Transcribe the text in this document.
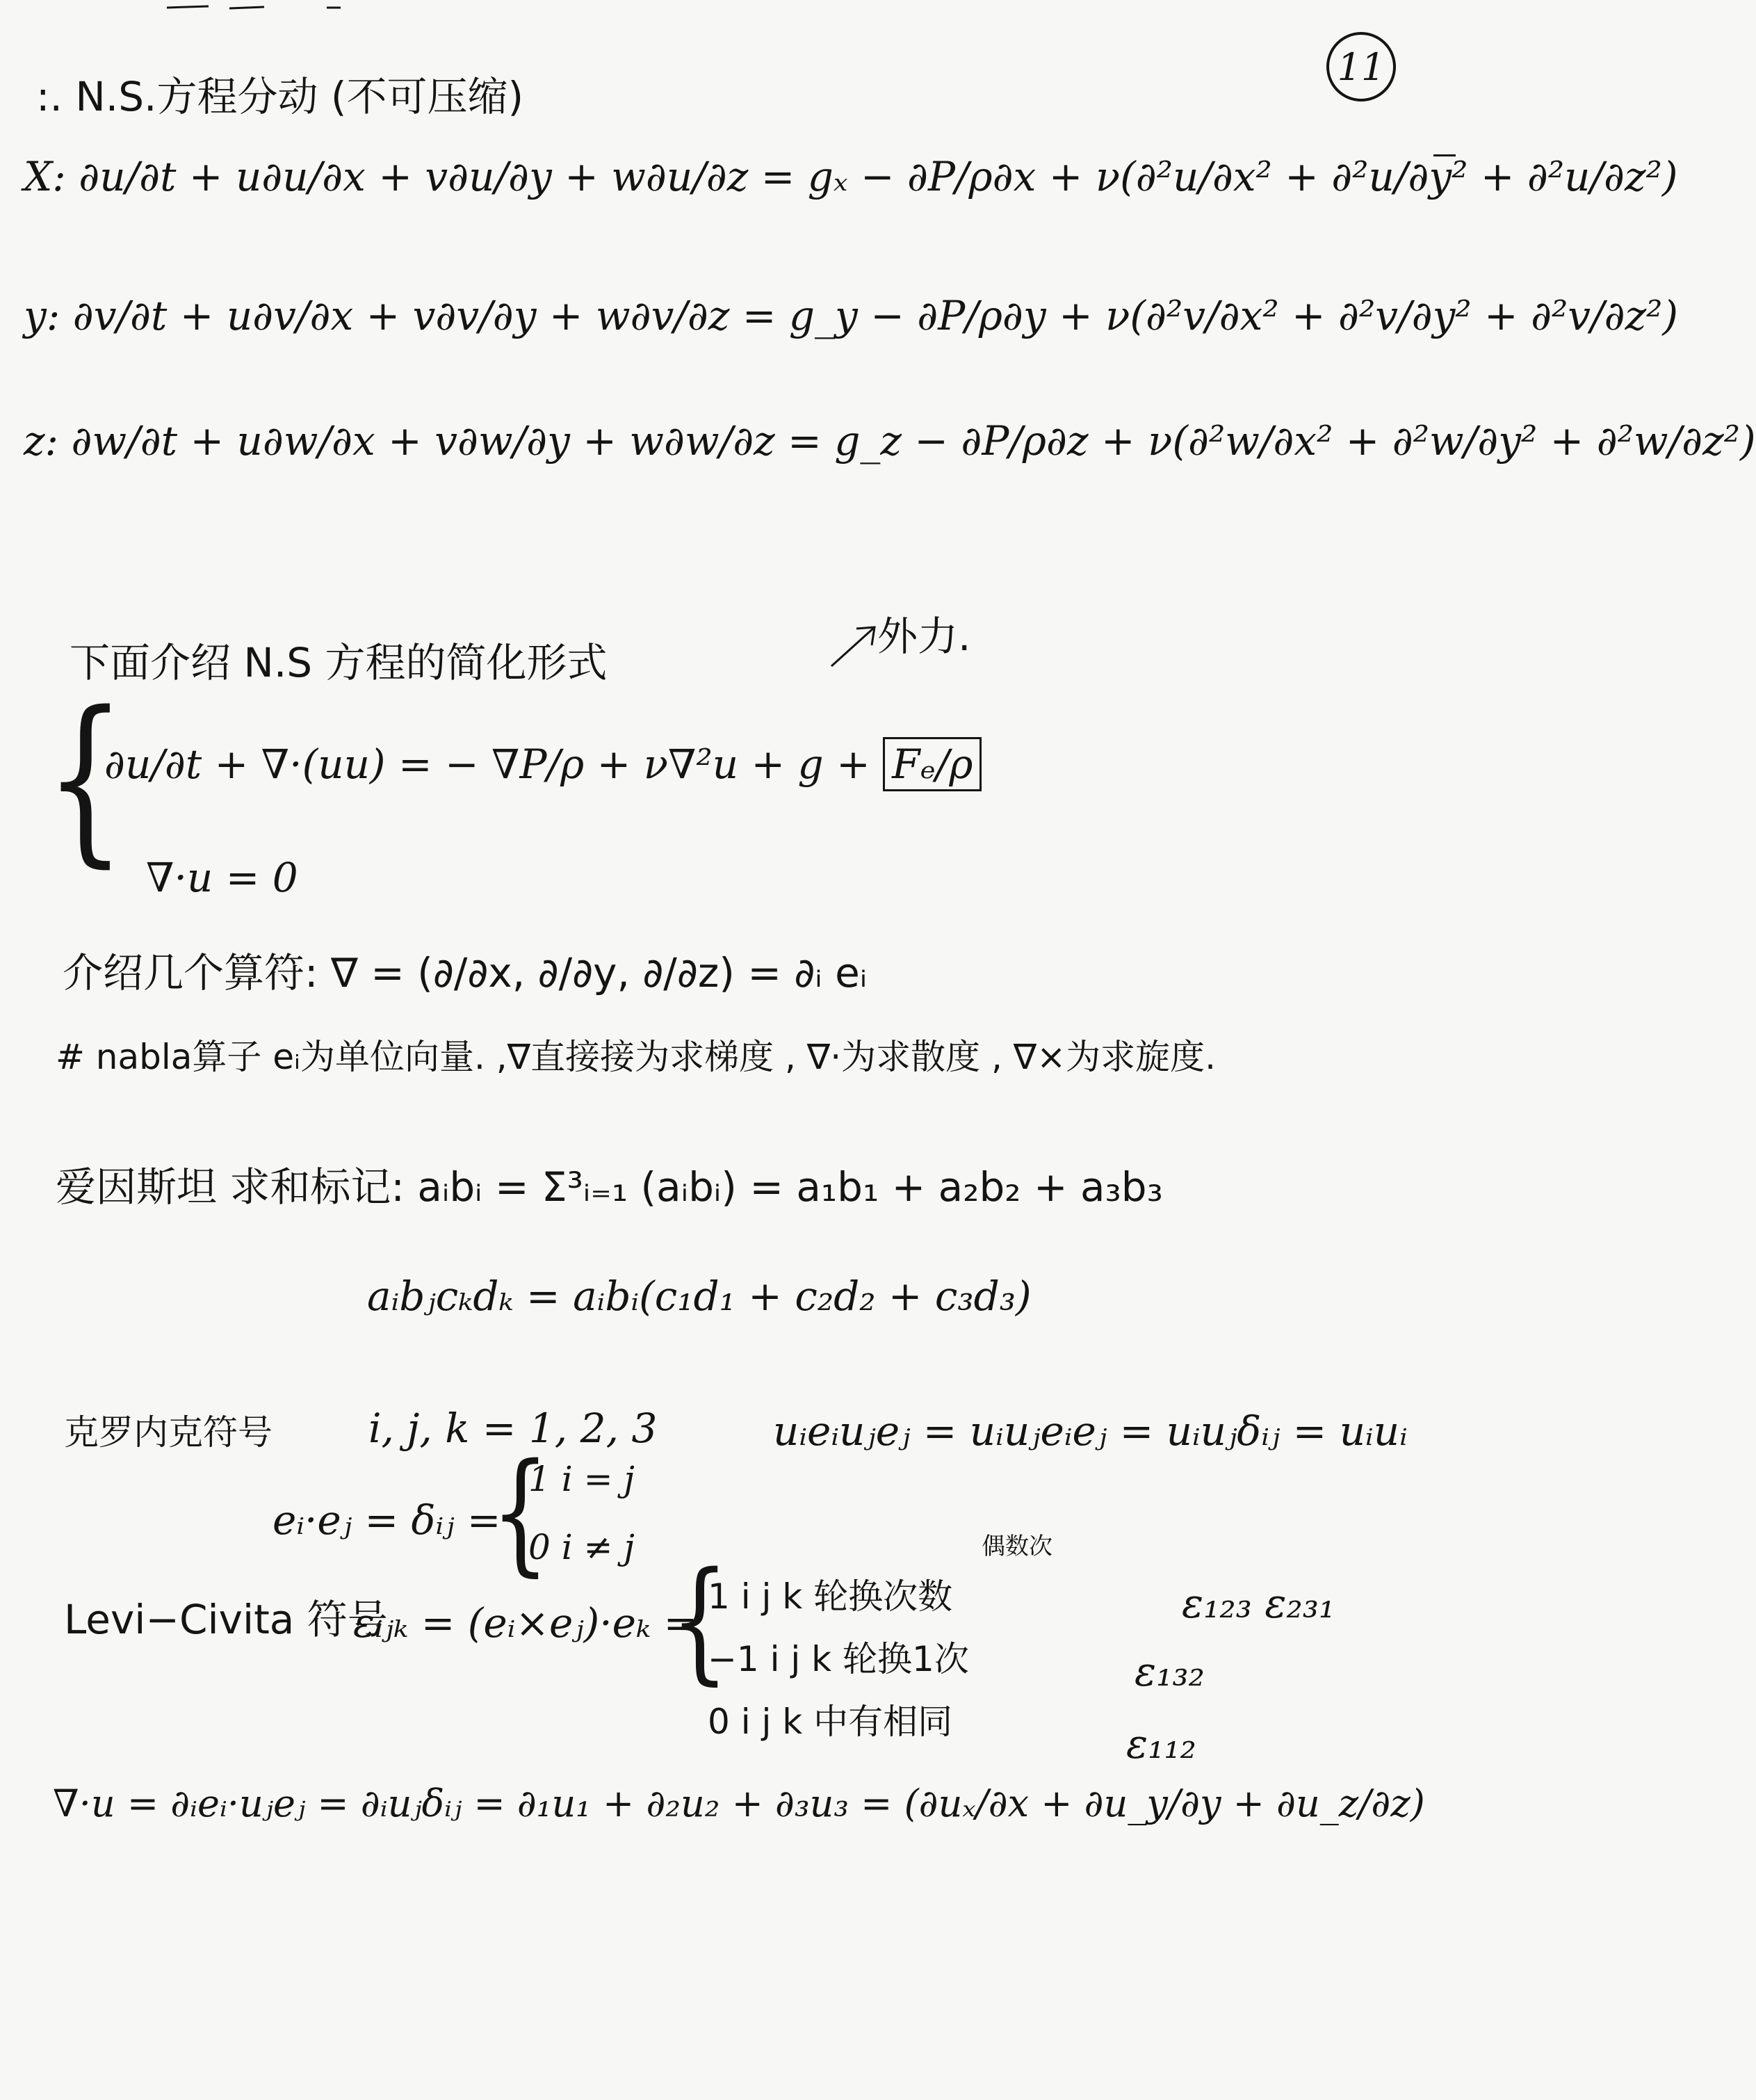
11
:. N.S.方程分动 (不可压缩)
X: ∂u/∂t + u∂u/∂x + v∂u/∂y + w∂u/∂z = gₓ − ∂P/ρ∂x + ν(∂²u/∂x² + ∂²u/∂y² + ∂²u/∂z²)
y: ∂v/∂t + u∂v/∂x + v∂v/∂y + w∂v/∂z = g_y − ∂P/ρ∂y + ν(∂²v/∂x² + ∂²v/∂y² + ∂²v/∂z²)
z: ∂w/∂t + u∂w/∂x + v∂w/∂y + w∂w/∂z = g_z − ∂P/ρ∂z + ν(∂²w/∂x² + ∂²w/∂y² + ∂²w/∂z²)
下面介绍 N.S 方程的简化形式
外力.
{
∂u/∂t + ∇·(uu) = − ∇P/ρ + ν∇²u + g + Fₑ/ρ
∇·u = 0
介绍几个算符: ∇ = (∂/∂x, ∂/∂y, ∂/∂z) = ∂ᵢ eᵢ
# nabla算子 eᵢ为单位向量. ,∇直接接为求梯度 , ∇·为求散度 , ∇×为求旋度.
爱因斯坦 求和标记: aᵢbᵢ = Σ³ᵢ₌₁ (aᵢbᵢ) = a₁b₁ + a₂b₂ + a₃b₃
aᵢbⱼcₖdₖ = aᵢbᵢ(c₁d₁ + c₂d₂ + c₃d₃)
克罗内克符号 i, j, k = 1, 2, 3	uᵢeᵢuⱼeⱼ = uᵢuⱼeᵢeⱼ = uᵢuⱼδᵢⱼ = uᵢuᵢ
eᵢ·eⱼ = δᵢⱼ =
{
1 i = j
0 i ≠ j
Levi−Civita 符号
εᵢⱼₖ = (eᵢ×eⱼ)·eₖ =
{	偶数次
1 i j k 轮换次数
−1 i j k 轮换1次
0 i j k 中有相同
ε₁₂₃ ε₂₃₁
ε₁₃₂
ε₁₁₂
∇·u = ∂ᵢeᵢ·uⱼeⱼ = ∂ᵢuⱼδᵢⱼ = ∂₁u₁ + ∂₂u₂ + ∂₃u₃ = (∂uₓ/∂x + ∂u_y/∂y + ∂u_z/∂z)
